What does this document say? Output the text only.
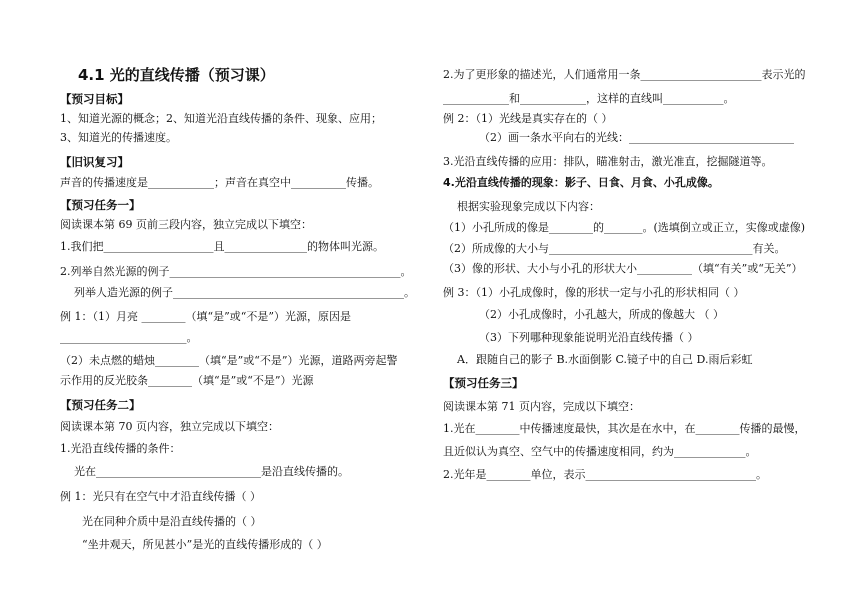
4.1 光的直线传播（预习课）
【预习目标】
1、知道光源的概念；2、知道光沿直线传播的条件、现象、应用；
3、知道光的传播速度。
【旧识复习】
声音的传播速度是____________；声音在真空中__________传播。
【预习任务一】
阅读课本第 69 页前三段内容，独立完成以下填空：
1.我们把____________________且_______________的物体叫光源。
2.列举自然光源的例子__________________________________________。
列举人造光源的例子__________________________________________。
例 1：（1）月亮 ________（填“是”或“不是”）光源，原因是
_______________________。
（2）未点燃的蜡烛________（填“是”或“不是”）光源，道路两旁起警
示作用的反光胶条________（填“是”或“不是”）光源
【预习任务二】
阅读课本第 70 页内容，独立完成以下填空：
1.光沿直线传播的条件：
光在______________________________是沿直线传播的。
例 1：光只有在空气中才沿直线传播（ ）
光在同种介质中是沿直线传播的（ ）
“坐井观天，所见甚小”是光的直线传播形成的（ ）
2.为了更形象的描述光，人们通常用一条______________________表示光的
____________和____________，这样的直线叫___________。
例 2：（1）光线是真实存在的（ ）
（2）画一条水平向右的光线：______________________________
3.光沿直线传播的应用：排队，瞄准射击，激光准直，挖掘隧道等。
4.光沿直线传播的现象：影子、日食、月食、小孔成像。
根据实验现象完成以下内容：
（1）小孔所成的像是________的_______。(选填倒立或正立，实像或虚像)
（2）所成像的大小与_____________________________________有关。
（3）像的形状、大小与小孔的形状大小__________（填“有关”或“无关”）
例 3：（1）小孔成像时，像的形状一定与小孔的形状相同（ ）
（2）小孔成像时，小孔越大，所成的像越大 （ ）
（3）下列哪种现象能说明光沿直线传播（ ）
A．跟随自己的影子 B.水面倒影 C.镜子中的自己 D.雨后彩虹
【预习任务三】
阅读课本第 71 页内容，完成以下填空：
1.光在________中传播速度最快，其次是在水中，在________传播的最慢，
且近似认为真空、空气中的传播速度相同，约为_____________。
2.光年是________单位，表示_______________________________。
